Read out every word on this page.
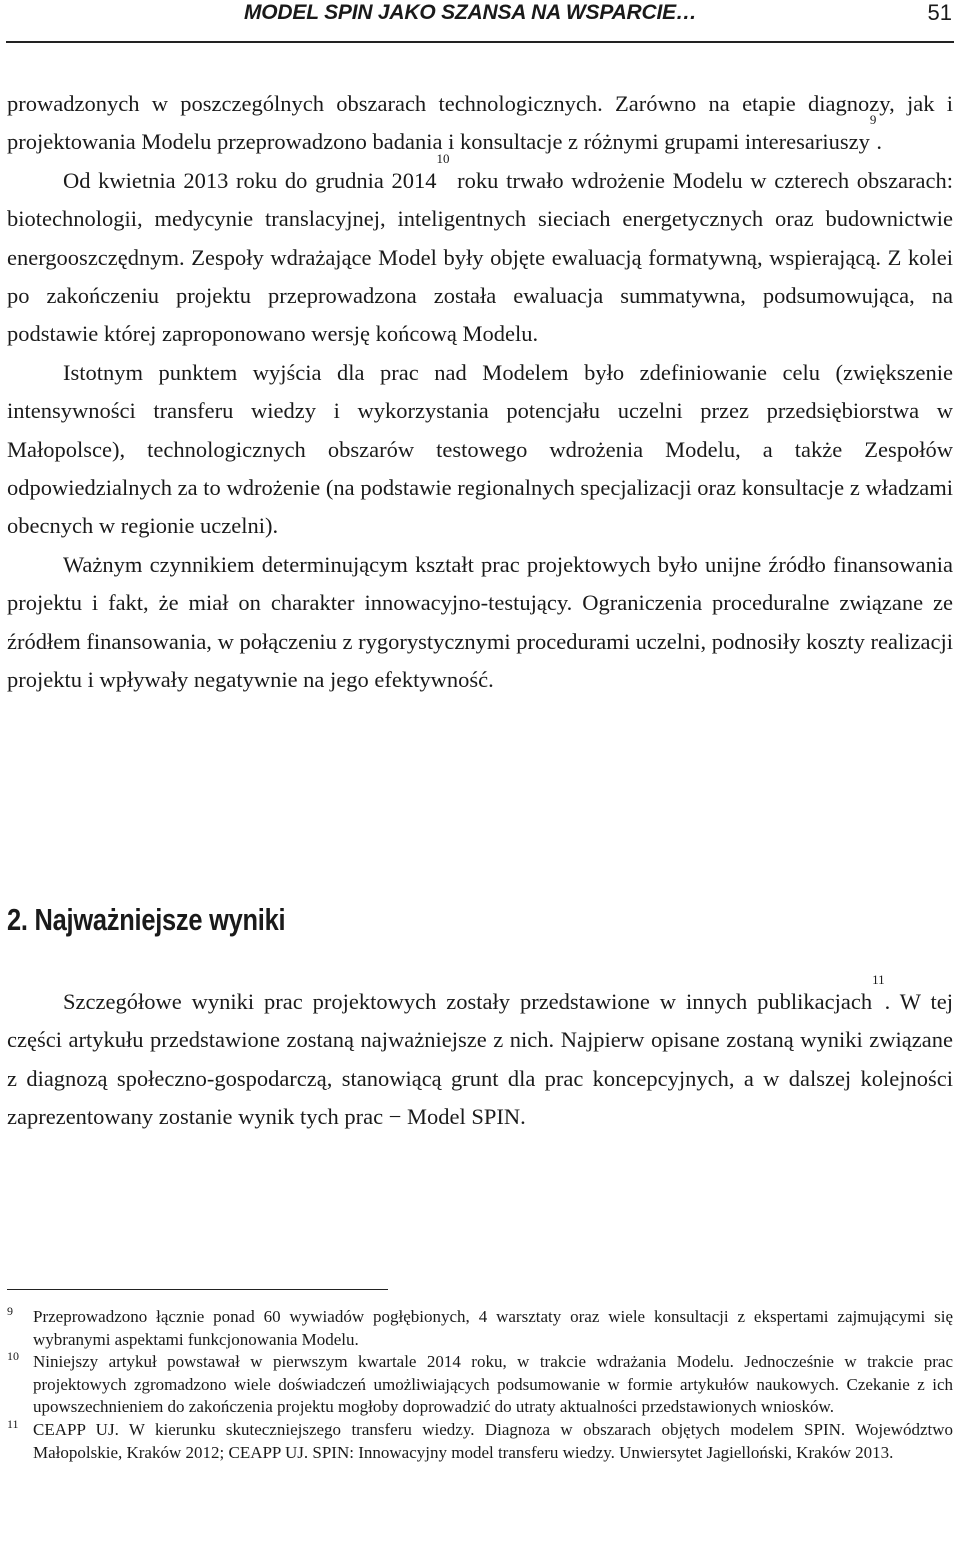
MODEL SPIN JAKO SZANSA NA WSPARCIE…	51

prowadzonych w poszczególnych obszarach technologicznych. Zarówno na etapie diagnozy, jak i projektowania Modelu przeprowadzono badania i konsultacje z różnymi grupami interesariuszy$^9$.

Od kwietnia 2013 roku do grudnia 2014$^{10}$ roku trwało wdrożenie Modelu w czterech obszarach: biotechnologii, medycynie translacyjnej, inteligentnych sieciach energetycznych oraz budownictwie energooszczędnym. Zespoły wdrażające Model były objęte ewaluacją formatywną, wspierającą. Z kolei po zakończeniu projektu przeprowadzona została ewaluacja summatywna, podsumowująca, na podstawie której zaproponowano wersję końcową Modelu.

Istotnym punktem wyjścia dla prac nad Modelem było zdefiniowanie celu (zwiększenie intensywności transferu wiedzy i wykorzystania potencjału uczelni przez przedsiębiorstwa w Małopolsce), technologicznych obszarów testowego wdrożenia Modelu, a także Zespołów odpowiedzialnych za to wdrożenie (na podstawie regionalnych specjalizacji oraz konsultacje z władzami obecnych w regionie uczelni).

Ważnym czynnikiem determinującym kształt prac projektowych było unijne źródło finansowania projektu i fakt, że miał on charakter innowacyjno-testujący. Ograniczenia proceduralne związane ze źródłem finansowania, w połączeniu z rygorystycznymi procedurami uczelni, podnosiły koszty realizacji projektu i wpływały negatywnie na jego efektywność.

2. Najważniejsze wyniki

Szczegółowe wyniki prac projektowych zostały przedstawione w innych publikacjach$^{11}$. W tej części artykułu przedstawione zostaną najważniejsze z nich. Najpierw opisane zostaną wyniki związane z diagnozą społeczno-gospodarczą, stanowiącą grunt dla prac koncepcyjnych, a w dalszej kolejności zaprezentowany zostanie wynik tych prac − Model SPIN.

9 Przeprowadzono łącznie ponad 60 wywiadów pogłębionych, 4 warsztaty oraz wiele konsultacji z ekspertami zajmującymi się wybranymi aspektami funkcjonowania Modelu.

10 Niniejszy artykuł powstawał w pierwszym kwartale 2014 roku, w trakcie wdrażania Modelu. Jednocześnie w trakcie prac projektowych zgromadzono wiele doświadczeń umożliwiających podsumowanie w formie artykułów naukowych. Czekanie z ich upowszechnieniem do zakończenia projektu mogłoby doprowadzić do utraty aktualności przedstawionych wniosków.

11 CEAPP UJ. W kierunku skuteczniejszego transferu wiedzy. Diagnoza w obszarach objętych modelem SPIN. Województwo Małopolskie, Kraków 2012; CEAPP UJ. SPIN: Innowacyjny model transferu wiedzy. Unwiersytet Jagielloński, Kraków 2013.
